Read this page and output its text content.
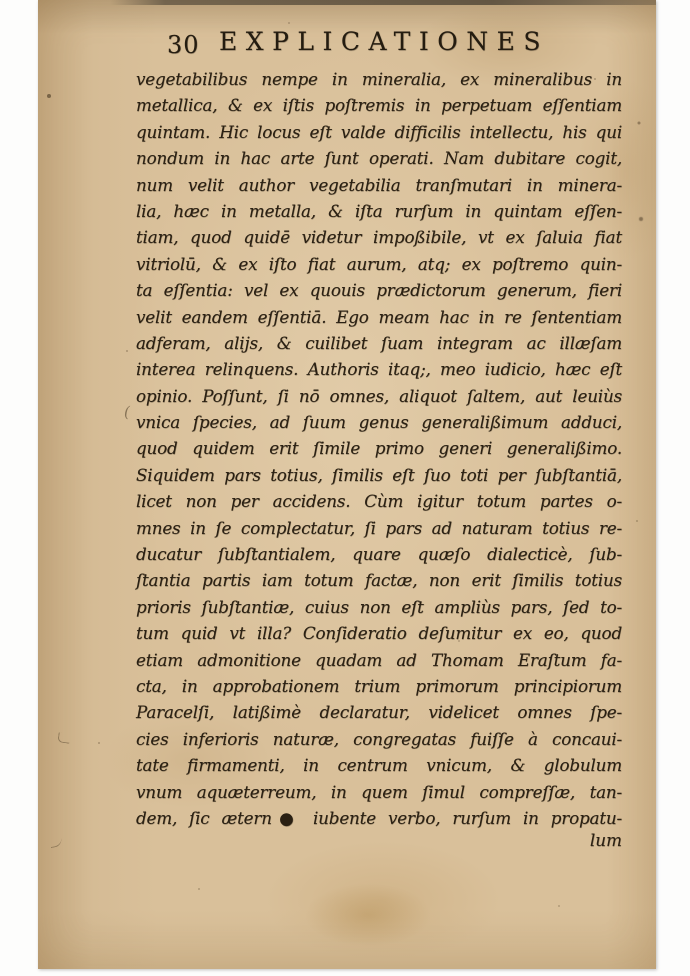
30 EXPLICATIONES
vegetabilibus nempe in mineralia, ex mineralibus in
metallica, & ex iſtis poſtremis in perpetuam eſſentiam
quintam. Hic locus eſt valde difficilis intellectu, his qui
nondum in hac arte ſunt operati. Nam dubitare cogit,
num velit author vegetabilia tranſmutari in minera-
lia, hæc in metalla, & iſta rurſum in quintam eſſen-
tiam, quod quidē videtur impoßibile, vt ex ſaluia fiat
vitriolū, & ex iſto fiat aurum, atq; ex poſtremo quin-
ta eſſentia: vel ex quouis prædictorum generum, fieri
velit eandem eſſentiā. Ego meam hac in re ſententiam
adferam, alijs, & cuilibet ſuam integram ac illæſam
interea relinquens. Authoris itaq;, meo iudicio, hæc eſt
opinio. Poſſunt, ſi nō omnes, aliquot ſaltem, aut leuiùs
vnica ſpecies, ad ſuum genus generalißimum adduci,
quod quidem erit ſimile primo generi generalißimo.
Siquidem pars totius, ſimilis eſt ſuo toti per ſubſtantiā,
licet non per accidens. Cùm igitur totum partes o-
mnes in ſe complectatur, ſi pars ad naturam totius re-
ducatur ſubſtantialem, quare quæſo dialecticè, ſub-
ſtantia partis iam totum factæ, non erit ſimilis totius
prioris ſubſtantiæ, cuius non eſt ampliùs pars, ſed to-
tum quid vt illa? Conſideratio deſumitur ex eo, quod
etiam admonitione quadam ad Thomam Eraſtum fa-
cta, in approbationem trium primorum principiorum
Paracelſi, latißimè declaratur, videlicet omnes ſpe-
cies inferioris naturæ, congregatas fuiſſe à concaui-
tate firmamenti, in centrum vnicum, & globulum
vnum aquæterreum, in quem ſimul compreſſæ, tan-
dem, ſic ætern● iubente verbo, rurſum in propatu-
lum
(
